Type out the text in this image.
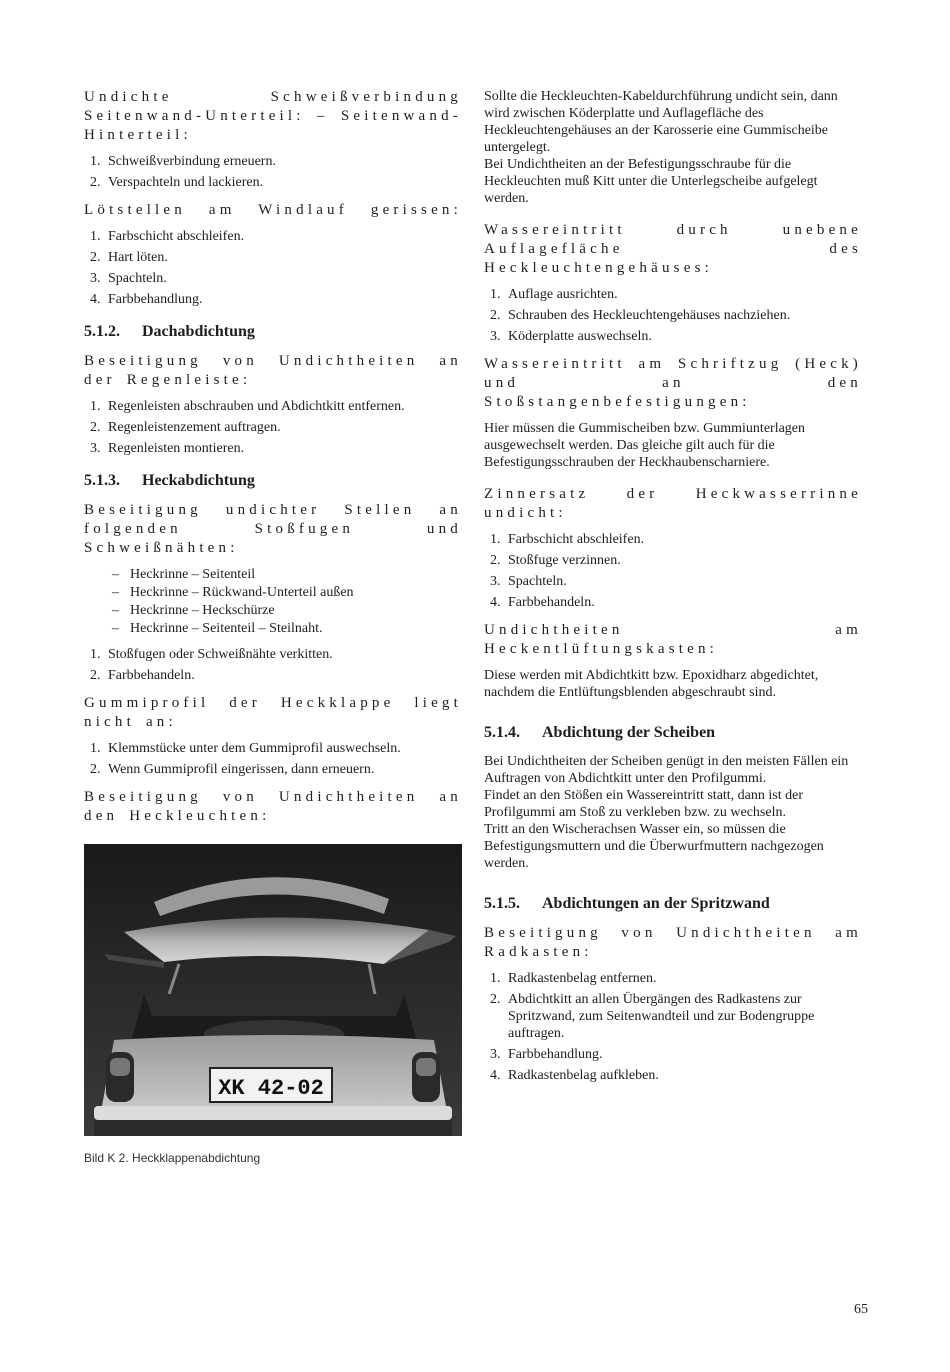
Undichte Schweißverbindung Seitenwand-Unterteil: – Seitenwand-Hinterteil:

1. Schweißverbindung erneuern.
2. Verspachteln und lackieren.

Lötstellen am Windlauf gerissen:

1. Farbschicht abschleifen.
2. Hart löten.
3. Spachteln.
4. Farbbehandlung.
5.1.2. Dachabdichtung

Beseitigung von Undichtheiten an der Regenleiste:

1. Regenleisten abschrauben und Abdichtkitt entfernen.
2. Regenleistenzement auftragen.
3. Regenleisten montieren.
5.1.3. Heckabdichtung

Beseitigung undichter Stellen an folgenden Stoßfugen und Schweißnähten:

– Heckrinne – Seitenteil
– Heckrinne – Rückwand-Unterteil außen
– Heckrinne – Heckschürze
– Heckrinne – Seitenteil – Steilnaht.
1. Stoßfugen oder Schweißnähte verkitten.
2. Farbbehandeln.

Gummiprofil der Heckklappe liegt nicht an:

1. Klemmstücke unter dem Gummiprofil auswechseln.
2. Wenn Gummiprofil eingerissen, dann erneuern.

Beseitigung von Undichtheiten an den Heckleuchten:

XK 42-02
Bild K 2. Heckklappenabdichtung

Sollte die Heckleuchten-Kabeldurchführung undicht sein, dann wird zwischen Köderplatte und Auflagefläche des Heckleuchtengehäuses an der Karosserie eine Gummischeibe untergelegt.

Bei Undichtheiten an der Befestigungsschraube für die Heckleuchten muß Kitt unter die Unterlegscheibe aufgelegt werden.

Wassereintritt durch unebene Auflagefläche des Heckleuchtengehäuses:

1. Auflage ausrichten.
2. Schrauben des Heckleuchtengehäuses nachziehen.
3. Köderplatte auswechseln.

Wassereintritt am Schriftzug (Heck) und an den Stoßstangenbefestigungen:

Hier müssen die Gummischeiben bzw. Gummiunterlagen ausgewechselt werden. Das gleiche gilt auch für die Befestigungsschrauben der Heckhaubenscharniere.

Zinnersatz der Heckwasserrinne undicht:

1. Farbschicht abschleifen.
2. Stoßfuge verzinnen.
3. Spachteln.
4. Farbbehandeln.

Undichtheiten am Heckentlüftungskasten:

Diese werden mit Abdichtkitt bzw. Epoxidharz abgedichtet, nachdem die Entlüftungsblenden abgeschraubt sind.

5.1.4. Abdichtung der Scheiben

Bei Undichtheiten der Scheiben genügt in den meisten Fällen ein Auftragen von Abdichtkitt unter den Profilgummi.

Findet an den Stößen ein Wassereintritt statt, dann ist der Profilgummi am Stoß zu verkleben bzw. zu wechseln.

Tritt an den Wischerachsen Wasser ein, so müssen die Befestigungsmuttern und die Überwurfmuttern nachgezogen werden.

5.1.5. Abdichtungen an der Spritzwand

Beseitigung von Undichtheiten am Radkasten:

1. Radkastenbelag entfernen.
2. Abdichtkitt an allen Übergängen des Radkastens zur Spritzwand, zum Seitenwandteil und zur Bodengruppe auftragen.
3. Farbbehandlung.
4. Radkastenbelag aufkleben.
65
